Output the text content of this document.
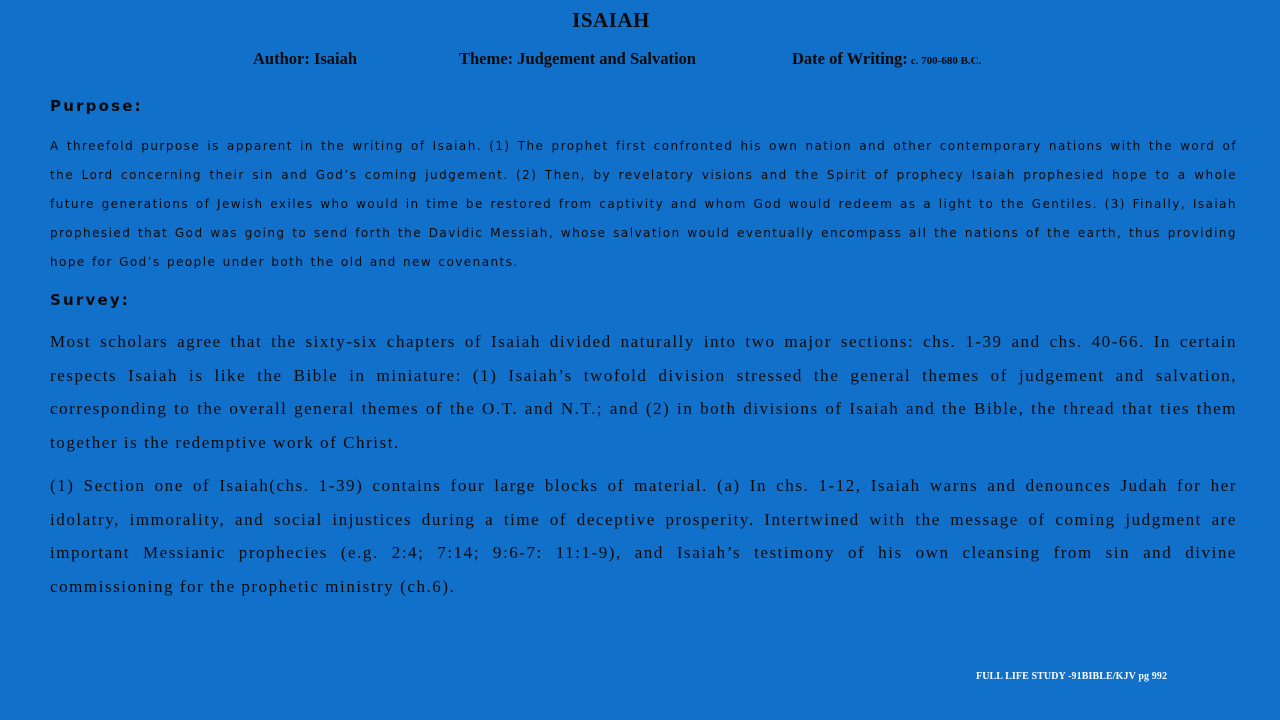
ISAIAH
Author: Isaiah	Theme: Judgement and Salvation	Date of Writing: c. 700-680 B.C.
Purpose:

A threefold purpose is apparent in the writing of Isaiah. (1) The prophet first confronted his own nation and other contemporary nations with the word of the Lord concerning their sin and God’s coming judgement. (2) Then, by revelatory visions and the Spirit of prophecy Isaiah prophesied hope to a whole future generations of Jewish exiles who would in time be restored from captivity and whom God would redeem as a light to the Gentiles. (3) Finally, Isaiah prophesied that God was going to send forth the Davidic Messiah, whose salvation would eventually encompass all the nations of the earth, thus providing hope for God’s people under both the old and new covenants.

Survey:

Most scholars agree that the sixty-six chapters of Isaiah divided naturally into two major sections: chs. 1-39 and chs. 40-66. In certain respects Isaiah is like the Bible in miniature: (1) Isaiah’s twofold division stressed the general themes of judgement and salvation, corresponding to the overall general themes of the O.T. and N.T.; and (2) in both divisions of Isaiah and the Bible, the thread that ties them together is the redemptive work of Christ.

(1) Section one of Isaiah(chs. 1-39) contains four large blocks of material. (a) In chs. 1-12, Isaiah warns and denounces Judah for her idolatry, immorality, and social injustices during a time of deceptive prosperity. Intertwined with the message of coming judgment are important Messianic prophecies (e.g. 2:4; 7:14; 9:6-7: 11:1-9), and Isaiah’s testimony of his own cleansing from sin and divine commissioning for the prophetic ministry (ch.6).

FULL LIFE STUDY -91BIBLE/KJV pg 992
